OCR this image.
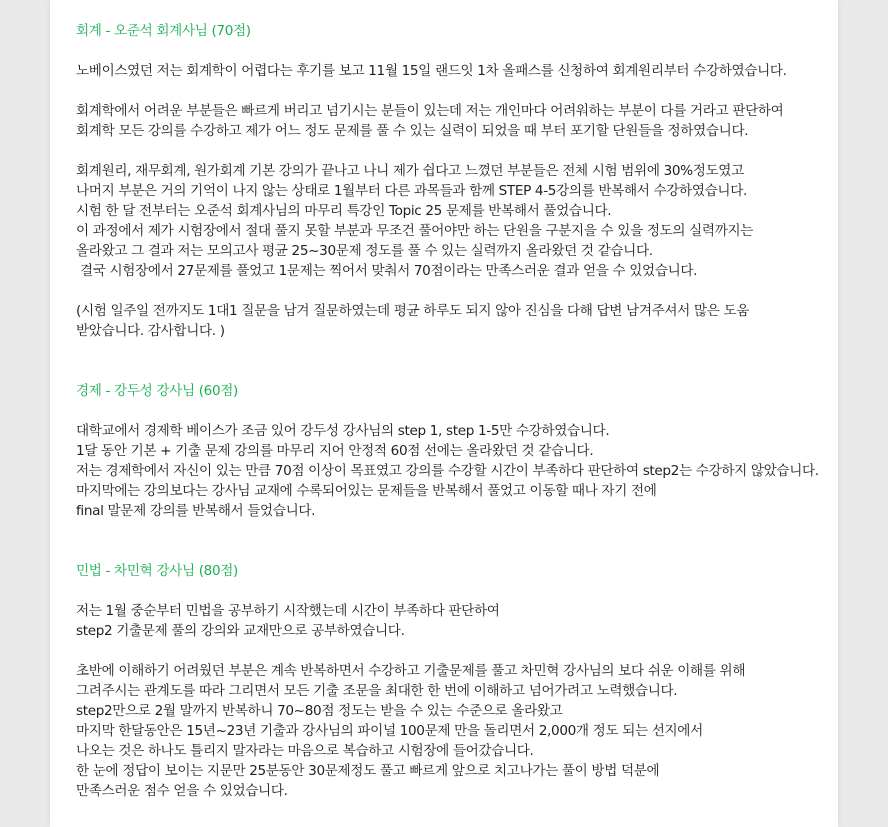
회계 - 오준석 회계사님 (70점)
노베이스였던 저는 회계학이 어렵다는 후기를 보고 11월 15일 랜드잇 1차 올패스를 신청하여 회계원리부터 수강하였습니다.
회계학에서 어려운 부분들은 빠르게 버리고 넘기시는 분들이 있는데 저는 개인마다 어려워하는 부분이 다를 거라고 판단하여
회계학 모든 강의를 수강하고 제가 어느 정도 문제를 풀 수 있는 실력이 되었을 때 부터 포기할 단원들을 정하였습니다.
회계원리, 재무회계, 원가회계 기본 강의가 끝나고 나니 제가 쉽다고 느꼈던 부분들은 전체 시험 범위에 30%정도였고
나머지 부분은 거의 기억이 나지 않는 상태로 1월부터 다른 과목들과 함께 STEP 4-5강의를 반복해서 수강하였습니다.
시험 한 달 전부터는 오준석 회계사님의 마무리 특강인 Topic 25 문제를 반복해서 풀었습니다.
이 과정에서 제가 시험장에서 절대 풀지 못할 부분과 무조건 풀어야만 하는 단원을 구분지을 수 있을 정도의 실력까지는
올라왔고 그 결과 저는 모의고사 평균 25~30문제 정도를 풀 수 있는 실력까지 올라왔던 것 같습니다.
결국 시험장에서 27문제를 풀었고 1문제는 찍어서 맞춰서 70점이라는 만족스러운 결과 얻을 수 있었습니다.
(시험 일주일 전까지도 1대1 질문을 남겨 질문하였는데 평균 하루도 되지 않아 진심을 다해 답변 남겨주셔서 많은 도움
받았습니다. 감사합니다. )
경제 - 강두성 강사님 (60점)
대학교에서 경제학 베이스가 조금 있어 강두성 강사님의 step 1, step 1-5만 수강하였습니다.
1달 동안 기본 + 기출 문제 강의를 마무리 지어 안정적 60점 선에는 올라왔던 것 같습니다.
저는 경제학에서 자신이 있는 만큼 70점 이상이 목표였고 강의를 수강할 시간이 부족하다 판단하여 step2는 수강하지 않았습니다.
마지막에는 강의보다는 강사님 교재에 수록되어있는 문제들을 반복해서 풀었고 이동할 때나 자기 전에
final 말문제 강의를 반복해서 들었습니다.
민법 - 차민혁 강사님 (80점)
저는 1월 중순부터 민법을 공부하기 시작했는데 시간이 부족하다 판단하여
step2 기출문제 풀의 강의와 교재만으로 공부하였습니다.
초반에 이해하기 어려웠던 부분은 계속 반복하면서 수강하고 기출문제를 풀고 차민혁 강사님의 보다 쉬운 이해를 위해
그려주시는 관계도를 따라 그리면서 모든 기출 조문을 최대한 한 번에 이해하고 넘어가려고 노력했습니다.
step2만으로 2월 말까지 반복하니 70~80점 정도는 받을 수 있는 수준으로 올라왔고
마지막 한달동안은 15년~23년 기출과 강사님의 파이널 100문제 만을 돌리면서 2,000개 정도 되는 선지에서
나오는 것은 하나도 틀리지 말자라는 마음으로 복습하고 시험장에 들어갔습니다.
한 눈에 정답이 보이는 지문만 25분동안 30문제정도 풀고 빠르게 앞으로 치고나가는 풀이 방법 덕분에
만족스러운 점수 얻을 수 있었습니다.
